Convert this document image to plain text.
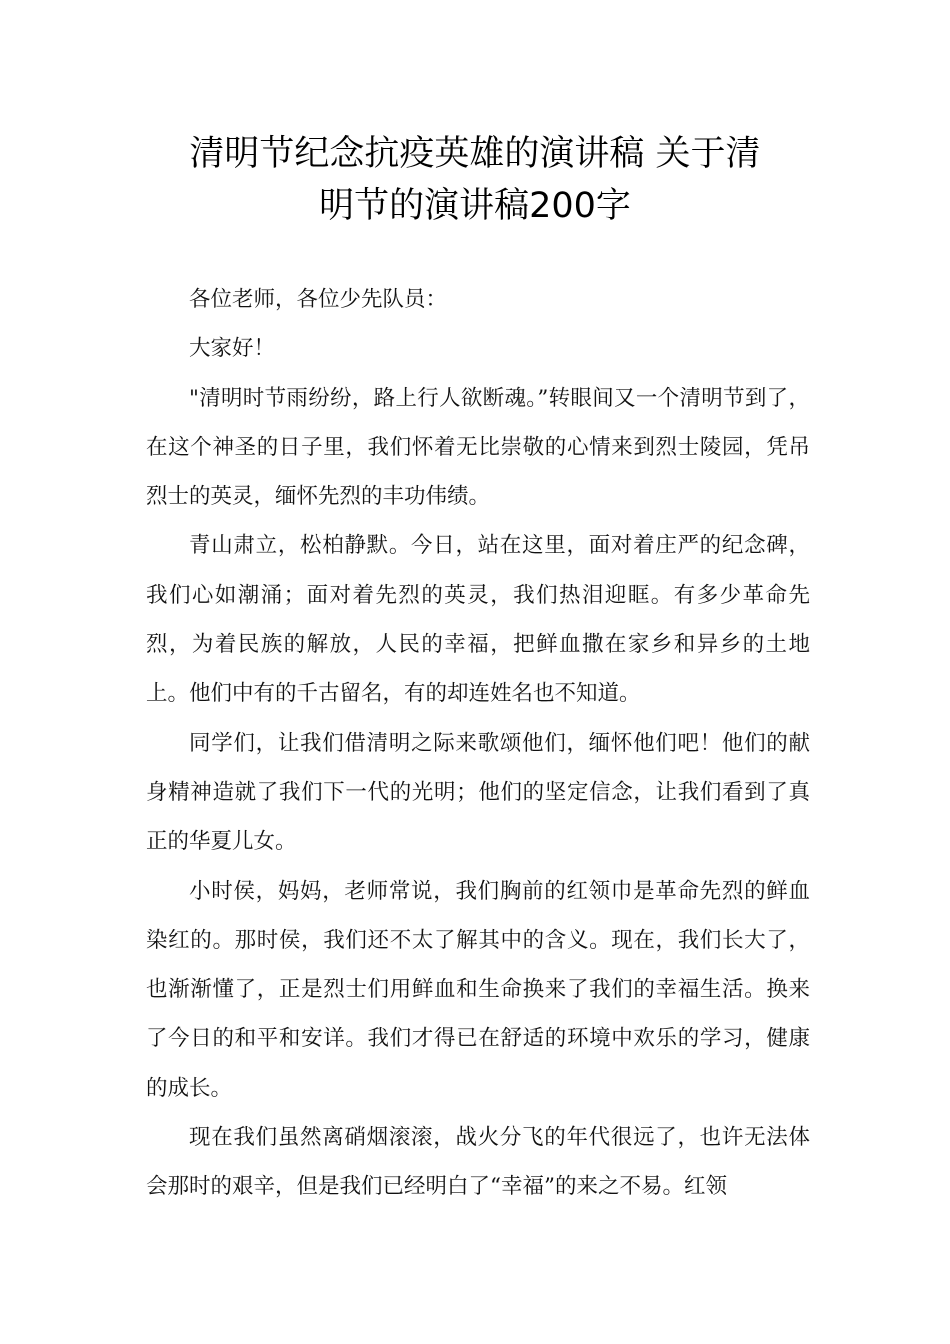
清明节纪念抗疫英雄的演讲稿 关于清
明节的演讲稿200字

各位老师，各位少先队员：

大家好！

"清明时节雨纷纷，路上行人欲断魂。”转眼间又一个清明节到了，在这个神圣的日子里，我们怀着无比崇敬的心情来到烈士陵园，凭吊烈士的英灵，缅怀先烈的丰功伟绩。

青山肃立，松柏静默。今日，站在这里，面对着庄严的纪念碑，我们心如潮涌；面对着先烈的英灵，我们热泪迎眶。有多少革命先烈，为着民族的解放，人民的幸福，把鲜血撒在家乡和异乡的土地上。他们中有的千古留名，有的却连姓名也不知道。

同学们，让我们借清明之际来歌颂他们，缅怀他们吧！他们的献身精神造就了我们下一代的光明；他们的坚定信念，让我们看到了真正的华夏儿女。

小时侯，妈妈，老师常说，我们胸前的红领巾是革命先烈的鲜血染红的。那时侯，我们还不太了解其中的含义。现在，我们长大了，也渐渐懂了，正是烈士们用鲜血和生命换来了我们的幸福生活。换来了今日的和平和安详。我们才得已在舒适的环境中欢乐的学习，健康的成长。

现在我们虽然离硝烟滚滚，战火分飞的年代很远了，也许无法体会那时的艰辛，但是我们已经明白了“幸福”的来之不易。红领
